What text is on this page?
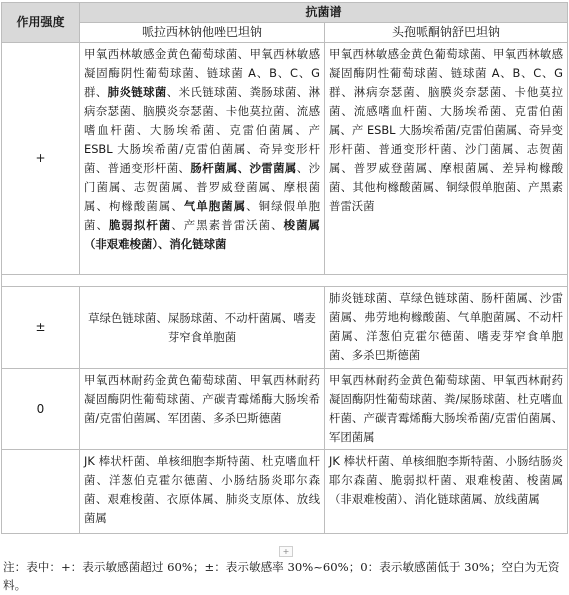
作用强度	抗菌谱	
	哌拉西林钠他唑巴坦钠	头孢哌酮钠舒巴坦钠
+	甲氧西林敏感金黄色葡萄球菌、甲氧西林敏感凝固酶阴性葡萄球菌、链球菌 A、B、C、G 群、肺炎链球菌、米氏链球菌、粪肠球菌、淋病奈瑟菌、脑膜炎奈瑟菌、卡他莫拉菌、流感嗜血杆菌、大肠埃希菌、克雷伯菌属、产 ESBL 大肠埃希菌/克雷伯菌属、奇异变形杆菌、普通变形杆菌、肠杆菌属、沙雷菌属、沙门菌属、志贺菌属、普罗威登菌属、摩根菌属、枸橼酸菌属、气单胞菌属、铜绿假单胞菌、脆弱拟杆菌、产黑素普雷沃菌、梭菌属（非艰难梭菌）、消化链球菌	甲氧西林敏感金黄色葡萄球菌、甲氧西林敏感凝固酶阴性葡萄球菌、链球菌 A、B、C、G 群、淋病奈瑟菌、脑膜炎奈瑟菌、卡他莫拉菌、流感嗜血杆菌、大肠埃希菌、克雷伯菌属、产 ESBL 大肠埃希菌/克雷伯菌属、奇异变形杆菌、普通变形杆菌、沙门菌属、志贺菌属、普罗威登菌属、摩根菌属、差异枸橼酸菌、其他枸橼酸菌属、铜绿假单胞菌、产黑素普雷沃菌

±	草绿色链球菌、屎肠球菌、不动杆菌属、嗜麦芽窄食单胞菌	肺炎链球菌、草绿色链球菌、肠杆菌属、沙雷菌属、弗劳地枸橼酸菌、气单胞菌属、不动杆菌属、洋葱伯克霍尔德菌、嗜麦芽窄食单胞菌、多杀巴斯德菌
0	甲氧西林耐药金黄色葡萄球菌、甲氧西林耐药凝固酶阴性葡萄球菌、产碳青霉烯酶大肠埃希菌/克雷伯菌属、军团菌、多杀巴斯德菌	甲氧西林耐药金黄色葡萄球菌、甲氧西林耐药凝固酶阴性葡萄球菌、粪/屎肠球菌、杜克嗜血杆菌、产碳青霉烯酶大肠埃希菌/克雷伯菌属、军团菌属
	JK 棒状杆菌、单核细胞李斯特菌、杜克嗜血杆菌、洋葱伯克霍尔德菌、小肠结肠炎耶尔森菌、艰难梭菌、衣原体属、肺炎支原体、放线菌属	JK 棒状杆菌、单核细胞李斯特菌、小肠结肠炎耶尔森菌、脆弱拟杆菌、艰难梭菌、梭菌属（非艰难梭菌）、消化链球菌属、放线菌属
+
注：表中：+：表示敏感菌超过 60%；±：表示敏感率 30%~60%；0：表示敏感菌低于 30%；空白为无资料。
